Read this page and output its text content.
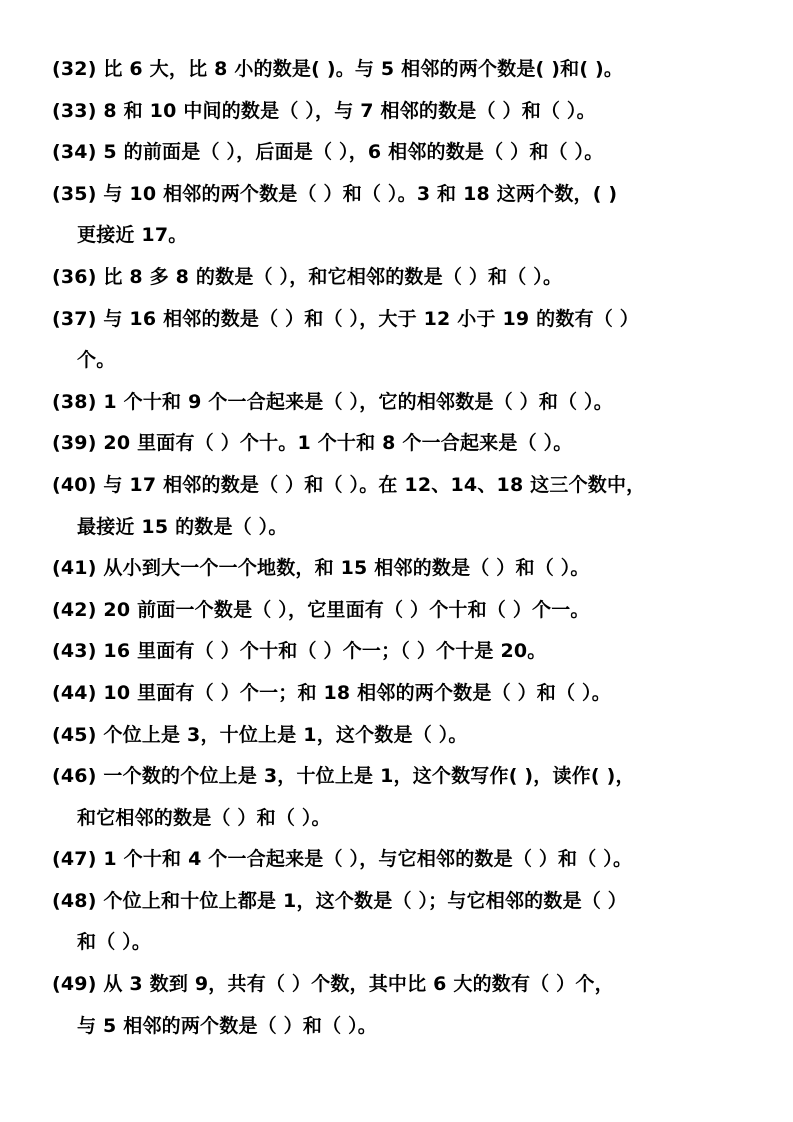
(32) 比 6 大，比 8 小的数是( )。与 5 相邻的两个数是( )和( )。
(33) 8 和 10 中间的数是（ ），与 7 相邻的数是（ ）和（ ）。
(34) 5 的前面是（ ），后面是（ ），6 相邻的数是（ ）和（ ）。
(35) 与 10 相邻的两个数是（ ）和（ ）。3 和 18 这两个数，( )
更接近 17。
(36) 比 8 多 8 的数是（ ），和它相邻的数是（ ）和（ ）。
(37) 与 16 相邻的数是（ ）和（ ），大于 12 小于 19 的数有（ ）
个。
(38) 1 个十和 9 个一合起来是（ ），它的相邻数是（ ）和（ ）。
(39) 20 里面有（ ）个十。1 个十和 8 个一合起来是（ ）。
(40) 与 17 相邻的数是（ ）和（ ）。在 12、14、18 这三个数中，
最接近 15 的数是（ ）。
(41) 从小到大一个一个地数，和 15 相邻的数是（ ）和（ ）。
(42) 20 前面一个数是（ ），它里面有（ ）个十和（ ）个一。
(43) 16 里面有（ ）个十和（ ）个一；（ ）个十是 20。
(44) 10 里面有（ ）个一；和 18 相邻的两个数是（ ）和（ ）。
(45) 个位上是 3，十位上是 1，这个数是（ ）。
(46) 一个数的个位上是 3，十位上是 1，这个数写作( )，读作( )，
和它相邻的数是（ ）和（ ）。
(47) 1 个十和 4 个一合起来是（ ），与它相邻的数是（ ）和（ ）。
(48) 个位上和十位上都是 1，这个数是（ ）；与它相邻的数是（ ）
和（ ）。
(49) 从 3 数到 9，共有（ ）个数，其中比 6 大的数有（ ）个，
与 5 相邻的两个数是（ ）和（ ）。
